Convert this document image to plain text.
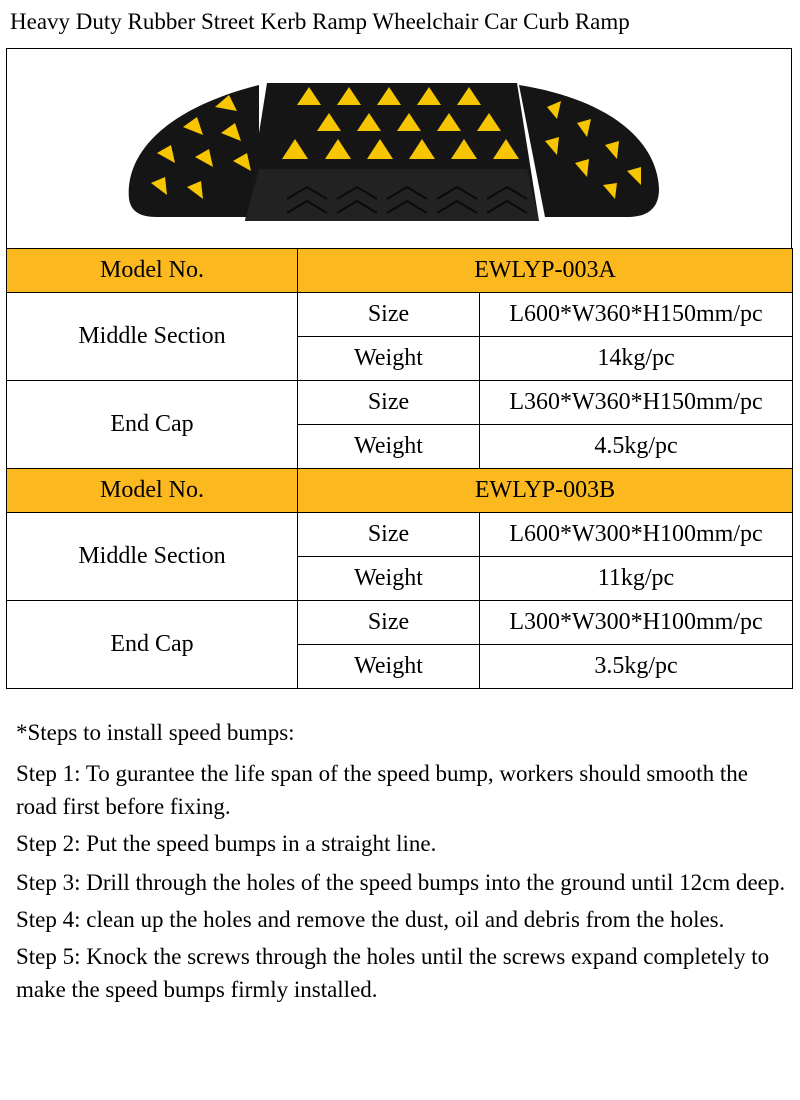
Heavy Duty Rubber Street Kerb Ramp Wheelchair Car Curb Ramp
Model No.	EWLYP-003A	
Middle Section	Size	L600*W360*H150mm/pc
	Weight	14kg/pc
End Cap	Size	L360*W360*H150mm/pc
	Weight	4.5kg/pc
Model No.	EWLYP-003B	
Middle Section	Size	L600*W300*H100mm/pc
	Weight	11kg/pc
End Cap	Size	L300*W300*H100mm/pc
	Weight	3.5kg/pc

*Steps to install speed bumps:

Step 1: To gurantee the life span of the speed bump, workers should smooth the road first before fixing.

Step 2: Put the speed bumps in a straight line.

Step 3: Drill through the holes of the speed bumps into the ground until 12cm deep.

Step 4: clean up the holes and remove the dust, oil and debris from the holes.

Step 5: Knock the screws through the holes until the screws expand completely to make the speed bumps firmly installed.
